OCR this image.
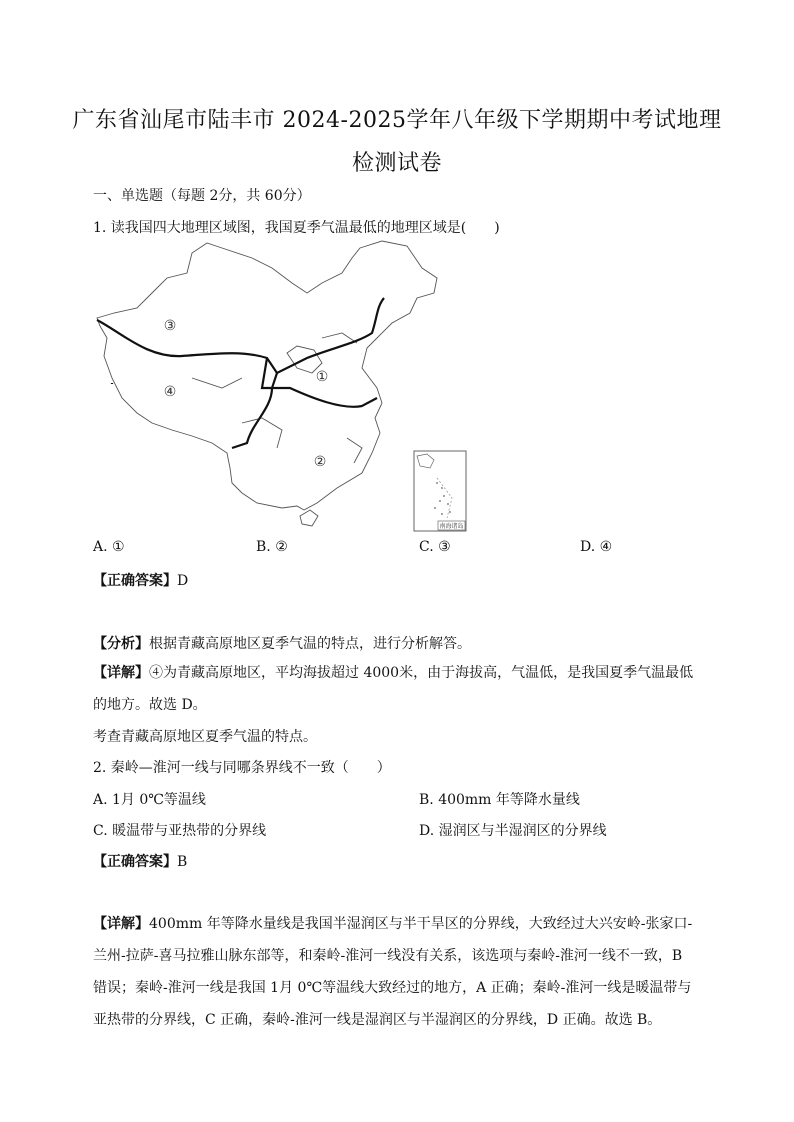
广东省汕尾市陆丰市 2024-2025学年八年级下学期期中考试地理
检测试卷
一、单选题（每题 2分，共 60分）
1. 读我国四大地理区域图，我国夏季气温最低的地理区域是(　　)
③
①
④
②
南海诸岛
A. ①	B. ②	C. ③	D. ④
【正确答案】D
【分析】根据青藏高原地区夏季气温的特点，进行分析解答。
【详解】④为青藏高原地区，平均海拔超过 4000米，由于海拔高，气温低，是我国夏季气温最低的地方。故选 D。
考查青藏高原地区夏季气温的特点。
2. 秦岭—淮河一线与同哪条界线不一致（　　）
A. 1月 0℃等温线	B. 400mm 年等降水量线
C. 暖温带与亚热带的分界线	D. 湿润区与半湿润区的分界线
【正确答案】B
【详解】400mm 年等降水量线是我国半湿润区与半干旱区的分界线，大致经过大兴安岭-张家口-兰州-拉萨-喜马拉雅山脉东部等，和秦岭-淮河一线没有关系，该选项与秦岭-淮河一线不一致，B 错误；秦岭-淮河一线是我国 1月 0℃等温线大致经过的地方，A 正确；秦岭-淮河一线是暖温带与亚热带的分界线，C 正确，秦岭-淮河一线是湿润区与半湿润区的分界线，D 正确。故选 B。
